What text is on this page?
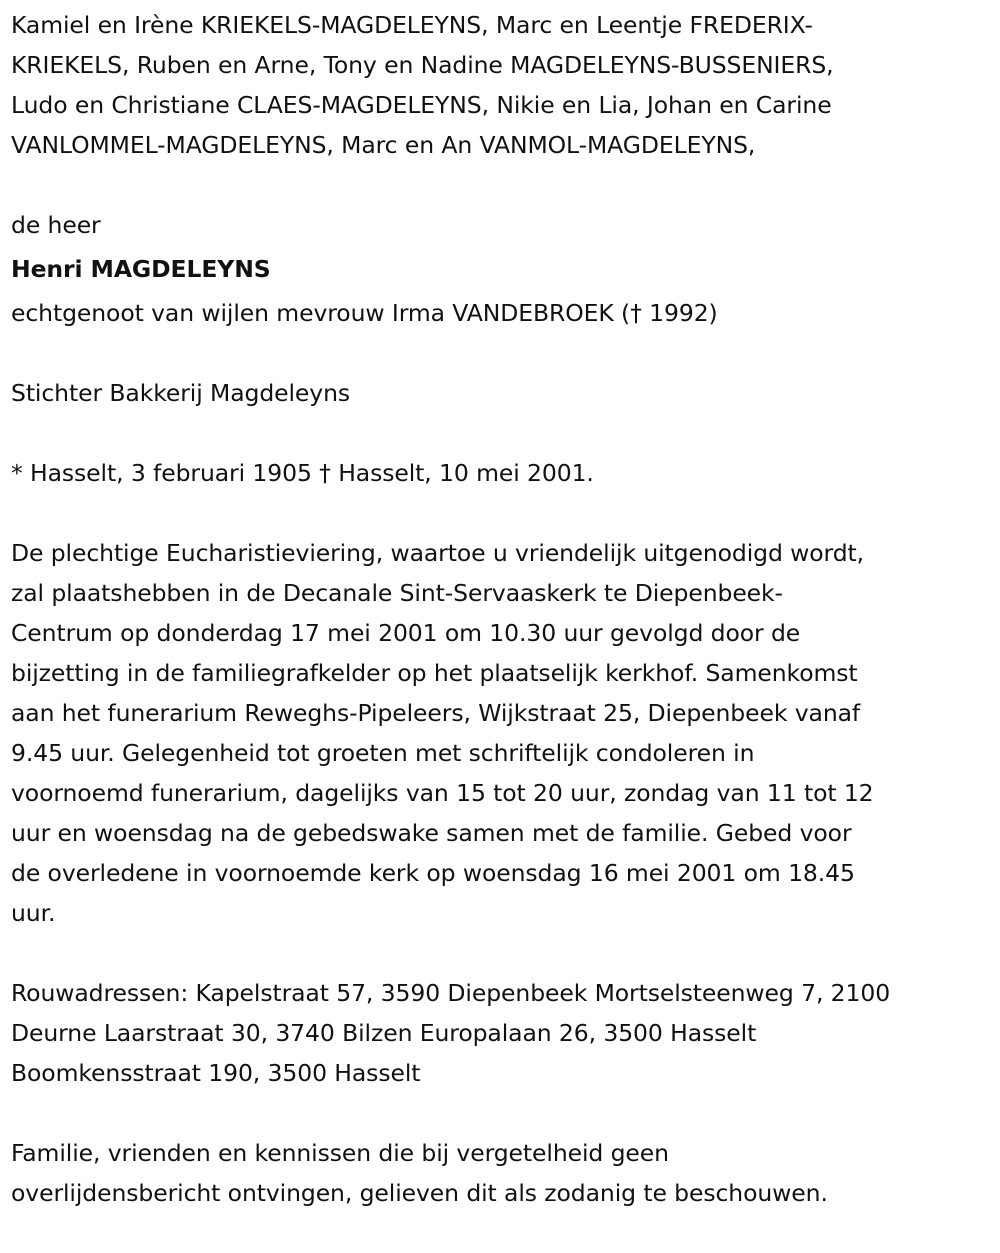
Kamiel en Irène KRIEKELS-MAGDELEYNS, Marc en Leentje FREDERIX-
KRIEKELS, Ruben en Arne, Tony en Nadine MAGDELEYNS-BUSSENIERS,
Ludo en Christiane CLAES-MAGDELEYNS, Nikie en Lia, Johan en Carine
VANLOMMEL-MAGDELEYNS, Marc en An VANMOL-MAGDELEYNS,
de heer
Henri MAGDELEYNS
echtgenoot van wijlen mevrouw Irma VANDEBROEK († 1992)
Stichter Bakkerij Magdeleyns
* Hasselt, 3 februari 1905 † Hasselt, 10 mei 2001.
De plechtige Eucharistieviering, waartoe u vriendelijk uitgenodigd wordt,
zal plaatshebben in de Decanale Sint-Servaaskerk te Diepenbeek-
Centrum op donderdag 17 mei 2001 om 10.30 uur gevolgd door de
bijzetting in de familiegrafkelder op het plaatselijk kerkhof. Samenkomst
aan het funerarium Reweghs-Pipeleers, Wijkstraat 25, Diepenbeek vanaf
9.45 uur. Gelegenheid tot groeten met schriftelijk condoleren in
voornoemd funerarium, dagelijks van 15 tot 20 uur, zondag van 11 tot 12
uur en woensdag na de gebedswake samen met de familie. Gebed voor
de overledene in voornoemde kerk op woensdag 16 mei 2001 om 18.45
uur.
Rouwadressen: Kapelstraat 57, 3590 Diepenbeek Mortselsteenweg 7, 2100
Deurne Laarstraat 30, 3740 Bilzen Europalaan 26, 3500 Hasselt
Boomkensstraat 190, 3500 Hasselt
Familie, vrienden en kennissen die bij vergetelheid geen
overlijdensbericht ontvingen, gelieven dit als zodanig te beschouwen.
